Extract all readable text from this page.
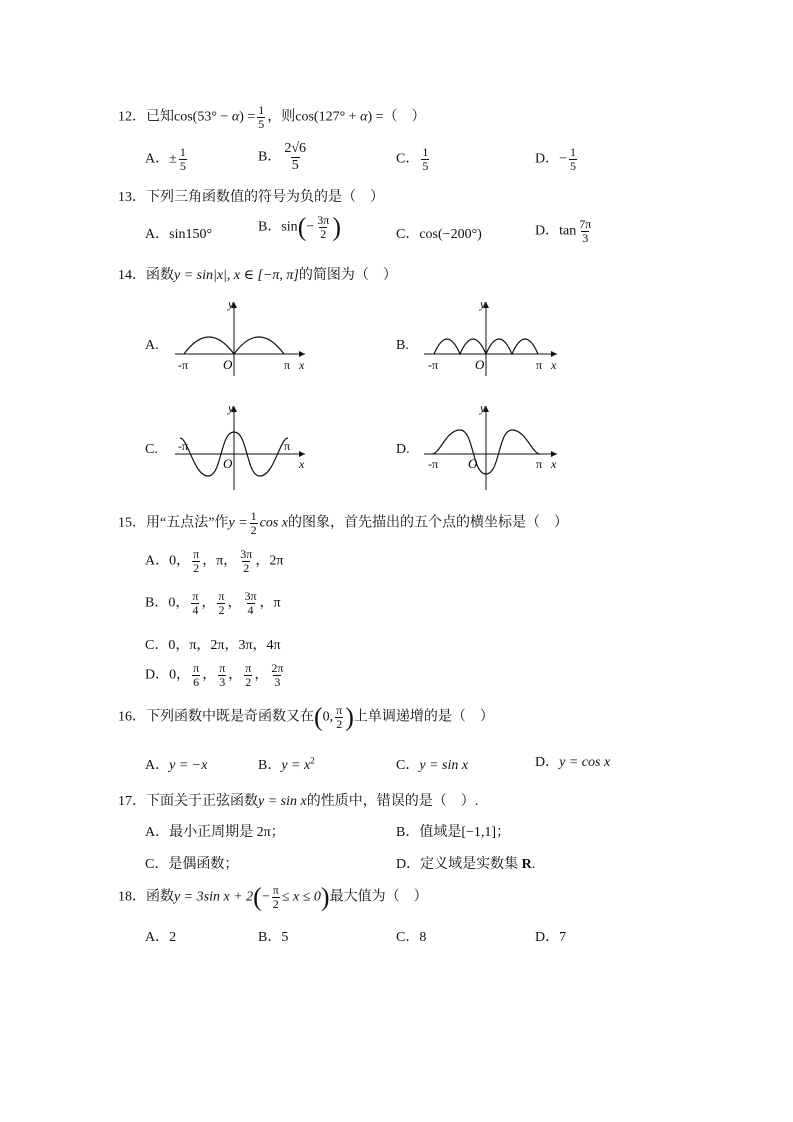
12．已知$\cos(53^\circ - \alpha) = \frac{1}{5}$ ，则cos(127° + α) =（　）
A．± $\frac{1}{5}$	B． $\frac{2√6}{5}$	C． $\frac{1}{5}$	D．− $\frac{1}{5}$
13．下列三角函数值的符号为负的是（　）
A．sin150°	B．$\sin(- \frac{3\pi}{2}$ )	C．cos(−200°)	D．$\tan \frac{7\pi}{3}$
14．函数y = sin|x|, x ∈ [−π, π]的简图为（　）
A.	B.
C.	D.
y
x
O
-π	π
y
x
O
-π	π
y
x
O
-π	π
y
x
O
-π	π
15．用“五点法”作$y = \frac{1}{2}$ cos x的图象，首先描出的五个点的横坐标是（　）
A．0， $\frac{\pi}{2}$ ，π， $\frac{3\pi}{2}$ ，2π
B．0， $\frac{\pi}{4}$ ， $\frac{\pi}{2}$ ， $\frac{3\pi}{4}$ ，π
C．0，π，2π，3π，4π
D．0， $\frac{\pi}{6}$ ， $\frac{\pi}{3}$ ， $\frac{\pi}{2}$ ， $\frac{2\pi}{3}$
16．下列函数中既是奇函数又在(0, $\frac{\pi}{2}$ )上单调递增的是（　）
A．y = −x	B．$y = x^2$	C．y = sin x	D．y = cos x
17．下面关于正弦函数y = sin x的性质中，错误的是（　）.
A．最小正周期是 2π；	B．值域是[−1,1]；
C．是偶函数；	D．定义域是实数集 R.
18．函数y = 3sin $x + 2(- \frac{\pi}{2} \le x \le 0)$最大值为（　）
A．2	B．5	C．8	D．7
